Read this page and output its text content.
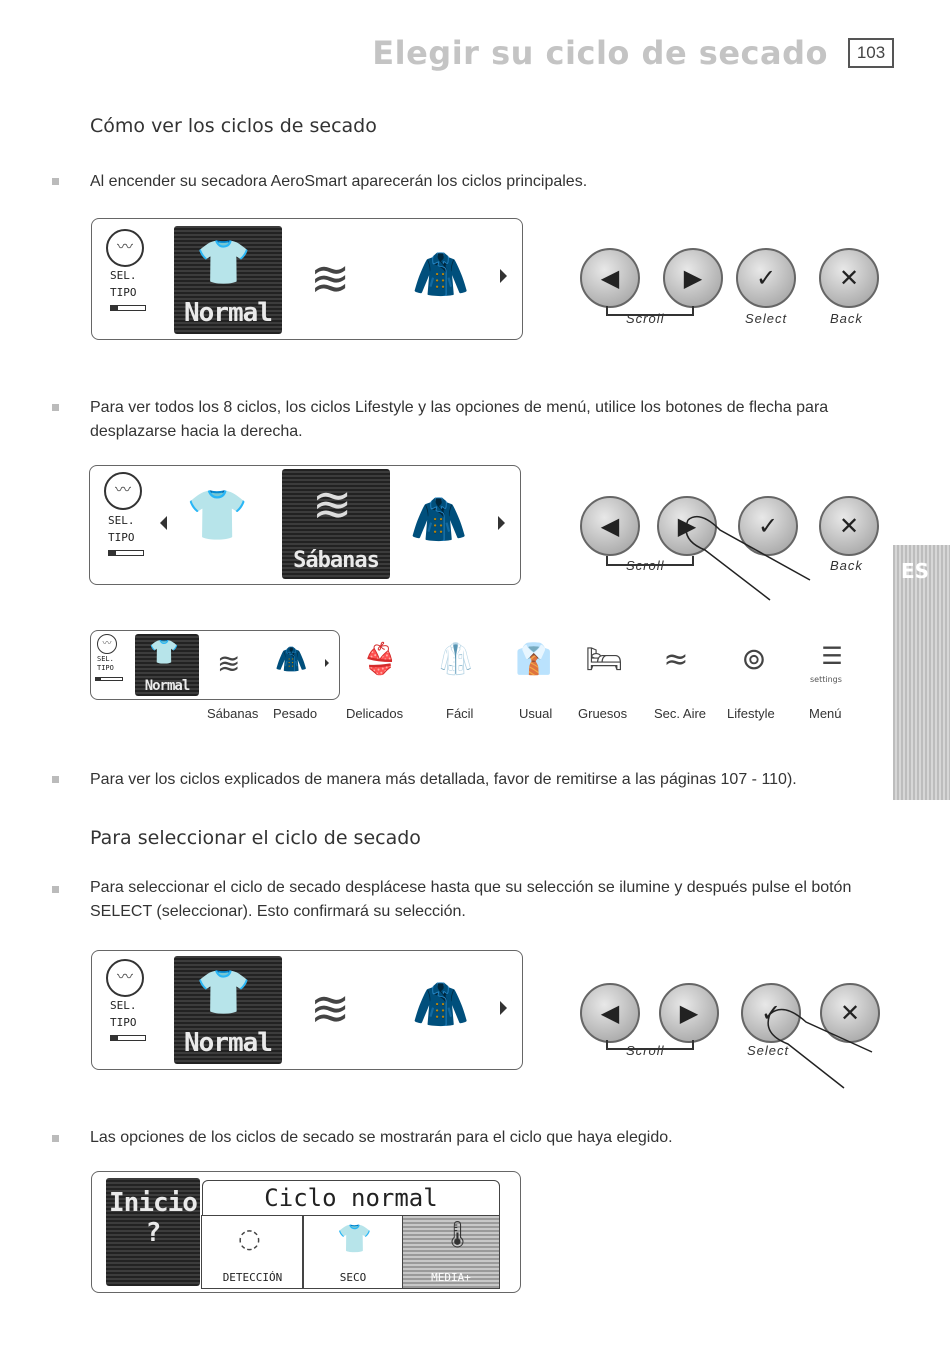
Elegir su ciclo de secado	103
Cómo ver los ciclos de secado
Al encender su secadora AeroSmart aparecerán los ciclos principales.
〰
SEL.
TIPO
👕
Normal
≋ 🧥	◀	▶	✓	✕
Scroll	Select	Back
Para ver todos los 8 ciclos, los ciclos Lifestyle y las opciones de menú, utilice los botones de flecha para desplazarse hacia la derecha.
〰
SEL.
TIPO 👕 ≋
Sábanas
🧥	◀	▶	✓	✕
Scroll	Back
〰
SEL.
TIPO
👕
Normal
≋ 🧥 👙 🥼 👔 🛏 ≈ ⊚	☰
settings
Sábanas Pesado Delicados	Fácil	Usual Gruesos Sec. Aire Lifestyle	Menú
Para ver los ciclos explicados de manera más detallada, favor de remitirse a las páginas 107 - 110).
ES
Para seleccionar el ciclo de secado
Para seleccionar el ciclo de secado desplácese hasta que su selección se ilumine y después pulse el botón SELECT (seleccionar). Esto confirmará su selección.
〰
SEL.
TIPO
👕
Normal
≋ 🧥	◀	▶	✓	✕
Scroll	Select
Las opciones de los ciclos de secado se mostrarán para el ciclo que haya elegido.
Inicio ?
Ciclo normal
◌
DETECCIÓN
👕
SECO
🌡
MEDIA+
